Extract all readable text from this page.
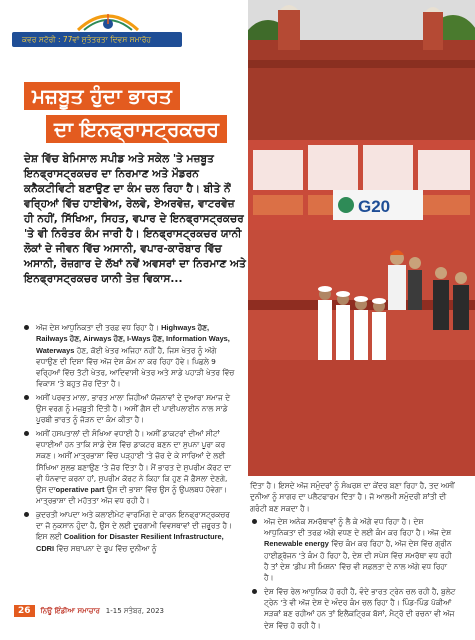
ਕਵਰ ਸਟੋਰੀ : 77ਵਾਂ ਸੁਤੰਤਰਤਾ ਦਿਵਸ ਸਮਾਰੋਹ
ਮਜ਼ਬੂਤ ਹੁੰਦਾ ਭਾਰਤ
ਦਾ ਇਨਫ੍ਰਾਸਟ੍ਰਕਚਰ
G20
ਦੇਸ਼ ਵਿੱਚ ਬੇਮਿਸਾਲ ਸਪੀਡ ਅਤੇ ਸਕੇਲ 'ਤੇ ਮਜ਼ਬੂਤ ਇਨਫ੍ਰਾਸਟ੍ਰਕਚਰ ਦਾ ਨਿਰਮਾਣ ਅਤੇ ਮੌਡਰਨ ਕਨੈਕਟੀਵਿਟੀ ਬਣਾਉਣ ਦਾ ਕੰਮ ਚਲ ਰਿਹਾ ਹੈ। ਬੀਤੇ ਨੌਂ ਵਰ੍ਹਿਆਂ ਵਿੱਚ ਹਾਈਵੇਅ, ਰੇਲਵੇ, ਏਅਰਵੇਜ਼, ਵਾਟਰਵੇਜ਼ ਹੀ ਨਹੀਂ, ਸਿੱਖਿਆ, ਸਿਹਤ, ਵਪਾਰ ਦੇ ਇਨਫ੍ਰਾਸਟ੍ਰਕਚਰ 'ਤੇ ਵੀ ਨਿਰੰਤਰ ਕੰਮ ਜਾਰੀ ਹੈ। ਇਨਫ੍ਰਾਸਟ੍ਰਕਚਰ ਯਾਨੀ ਲੋਕਾਂ ਦੇ ਜੀਵਨ ਵਿੱਚ ਅਸਾਨੀ, ਵਪਾਰ-ਕਾਰੋਬਾਰ ਵਿੱਚ ਅਸਾਨੀ, ਰੋਜ਼ਗਾਰ ਦੇ ਲੱਖਾਂ ਨਵੇਂ ਅਵਸਰਾਂ ਦਾ ਨਿਰਮਾਣ ਅਤੇ ਇਨਫ੍ਰਾਸਟ੍ਰਕਚਰ ਯਾਨੀ ਤੇਜ਼ ਵਿਕਾਸ...
ਅੱਜ ਦੇਸ਼ ਆਧੁਨਿਕਤਾ ਦੀ ਤਰਫ਼ ਵਧ ਰਿਹਾ ਹੈ। Highways ਹੋਣ, Railways ਹੋਣ, Airways ਹੋਣ, I-Ways ਹੋਣ, Information Ways, Waterways ਹੋਣ, ਕੋਈ ਖੇਤਰ ਅਜਿਹਾ ਨਹੀਂ ਹੈ, ਜਿਸ ਖੇਤਰ ਨੂੰ ਅੱਗੇ ਵਧਾਉਣ ਦੀ ਦਿਸ਼ਾ ਵਿੱਚ ਅੱਜ ਦੇਸ਼ ਕੰਮ ਨਾ ਕਰ ਰਿਹਾ ਹੋਵੇ। ਪਿਛਲੇ 9 ਵਰ੍ਹਿਆਂ ਵਿੱਚ ਤੱਟੀ ਖੇਤਰ, ਆਦਿਵਾਸੀ ਖੇਤਰ ਅਤੇ ਸਾਡੇ ਪਹਾੜੀ ਖੇਤਰ ਵਿੱਚ ਵਿਕਾਸ 'ਤੇ ਬਹੁਤ ਜ਼ੋਰ ਦਿੱਤਾ ਹੈ।
ਅਸੀਂ ਪਰਵਤ ਮਾਲਾ, ਭਾਰਤ ਮਾਲਾ ਜਿਹੀਆਂ ਯੋਜਨਾਵਾਂ ਦੇ ਦੁਆਰਾ ਸਮਾਜ ਦੇ ਉਸ ਵਰਗ ਨੂੰ ਮਜ਼ਬੂਤੀ ਦਿੱਤੀ ਹੈ। ਅਸੀਂ ਗੈਸ ਦੀ ਪਾਈਪਲਾਈਨ ਨਾਲ ਸਾਡੇ ਪੂਰਬੀ ਭਾਰਤ ਨੂੰ ਜੋੜਨ ਦਾ ਕੰਮ ਕੀਤਾ ਹੈ।
ਅਸੀਂ ਹਸਪਤਾਲਾਂ ਦੀ ਸੰਖਿਆ ਵਧਾਈ ਹੈ। ਅਸੀਂ ਡਾਕਟਰਾਂ ਦੀਆਂ ਸੀਟਾਂ ਵਧਾਈਆਂ ਹਨ ਤਾਕਿ ਸਾਡੇ ਦੇਸ਼ ਵਿੱਚ ਡਾਕਟਰ ਬਣਨ ਦਾ ਸੁਪਨਾ ਪੂਰਾ ਕਰ ਸਕਣ। ਅਸੀਂ ਮਾਤ੍ਰਭਾਸ਼ਾ ਵਿੱਚ ਪੜ੍ਹਾਈ 'ਤੇ ਜ਼ੋਰ ਦੇ ਕੇ ਸਾਰਿਆਂ ਦੇ ਲਈ ਸਿੱਖਿਆ ਸੁਲਭ ਬਣਾਉਣ 'ਤੇ ਜ਼ੋਰ ਦਿੱਤਾ ਹੈ। ਮੈਂ ਭਾਰਤ ਦੇ ਸੁਪਰੀਮ ਕੋਰਟ ਦਾ ਵੀ ਧੰਨਵਾਦ ਕਰਨਾ ਹਾਂ, ਸੁਪਰੀਮ ਕੋਰਟ ਨੇ ਕਿਹਾ ਕਿ ਹੁਣ ਜੋ ਫ਼ੈਸਲਾ ਦੇਣਗੇ, ਉਸ ਦਾoperative part ਉਸ ਦੀ ਭਾਸ਼ਾ ਵਿੱਚ ਉਸ ਨੂੰ ਉਪਲਬਧ ਹੋਵੇਗਾ। ਮਾਤ੍ਰਭਾਸ਼ਾ ਦੀ ਮਹੱਤਤਾ ਅੱਜ ਵਧ ਰਹੀ ਹੈ।
ਕੁਦਰਤੀ ਆਪਦਾ ਅਤੇ ਕਲਾਈਮੇਟ ਵਾਰਮਿੰਗ ਦੇ ਕਾਰਨ ਇਨਫ੍ਰਾਸਟ੍ਰਕਚਰ ਦਾ ਜੋ ਨੁਕਸਾਨ ਹੁੰਦਾ ਹੈ, ਉਸ ਦੇ ਲਈ ਦੂਰਗਾਮੀ ਵਿਵਸਥਾਵਾਂ ਦੀ ਜ਼ਰੂਰਤ ਹੈ। ਇਸ ਲਈ Coalition for Disaster Resilient Infrastructure, CDRI ਵਿੱਚ ਸਥਾਪਨਾ ਦੇ ਰੂਪ ਵਿੱਚ ਦੁਨੀਆ ਨੂੰ
ਦਿੱਤਾ ਹੈ। ਇਸਦੇ ਅੱਜ ਸਮੁੰਦਰਾਂ ਨੂੰ ਸੰਘਰਸ਼ ਦਾ ਕੇਂਦਰ ਬਣਾ ਰਿਹਾ ਹੈ, ਤਦ ਅਸੀਂ ਦੁਨੀਆ ਨੂੰ ਸਾਗਰ ਦਾ ਪਲੈਟਫਾਰਮ ਦਿੱਤਾ ਹੈ। ਜੋ ਆਲਮੀ ਸਮੁੰਦਰੀ ਸ਼ਾਂਤੀ ਦੀ ਗਰੰਟੀ ਬਣ ਸਕਦਾ ਹੈ।
ਅੱਜ ਦੇਸ਼ ਅਨੇਕ ਸਮਰੱਥਾਵਾਂ ਨੂੰ ਲੈ ਕੇ ਅੱਗੇ ਵਧ ਰਿਹਾ ਹੈ। ਦੇਸ਼ ਆਧੁਨਿਕਤਾ ਦੀ ਤਰਫ਼ ਅੱਗੇ ਵਧਣ ਦੇ ਲਈ ਕੰਮ ਕਰ ਰਿਹਾ ਹੈ। ਅੱਜ ਦੇਸ਼ Renewable energy ਵਿੱਚ ਕੰਮ ਕਰ ਰਿਹਾ ਹੈ, ਅੱਜ ਦੇਸ਼ ਵਿੱਚ ਗ੍ਰੀਨ ਹਾਈਡ੍ਰੋਜਨ 'ਤੇ ਕੰਮ ਹੋ ਰਿਹਾ ਹੈ, ਦੇਸ਼ ਦੀ ਸਪੇਸ ਵਿੱਚ ਸਮਰੱਥਾ ਵਧ ਰਹੀ ਹੈ ਤਾਂ ਦੇਸ਼ 'ਡੀਪ ਸੀ ਮਿਸ਼ਨ' ਵਿੱਚ ਵੀ ਸਫ਼ਲਤਾ ਦੇ ਨਾਲ ਅੱਗੇ ਵਧ ਰਿਹਾ ਹੈ।
ਦੇਸ਼ ਵਿੱਚ ਰੇਲ ਆਧੁਨਿਕ ਹੋ ਰਹੀ ਹੈ, ਵੰਦੇ ਭਾਰਤ ਟ੍ਰੇਨ ਚਲ ਰਹੀ ਹੈ, ਬੁਲੇਟ ਟ੍ਰੇਨ 'ਤੇ ਵੀ ਅੱਜ ਦੇਸ਼ ਦੇ ਅੰਦਰ ਕੰਮ ਚਲ ਰਿਹਾ ਹੈ। ਪਿੰਡ-ਪਿੰਡ ਪੱਕੀਆਂ ਸੜਕਾਂ ਬਣ ਰਹੀਆਂ ਹਨ ਤਾਂ ਇਲੈਕਟ੍ਰਿਕ ਬੱਸਾਂ, ਮੈਟ੍ਰੋ ਦੀ ਰਚਨਾ ਵੀ ਅੱਜ ਦੇਸ਼ ਵਿੱਚ ਹੋ ਰਹੀ ਹੈ।
26	ਨਿਊ ਇੰਡੀਆ ਸਮਾਚਾਰ 1-15 ਸਤੰਬਰ, 2023
